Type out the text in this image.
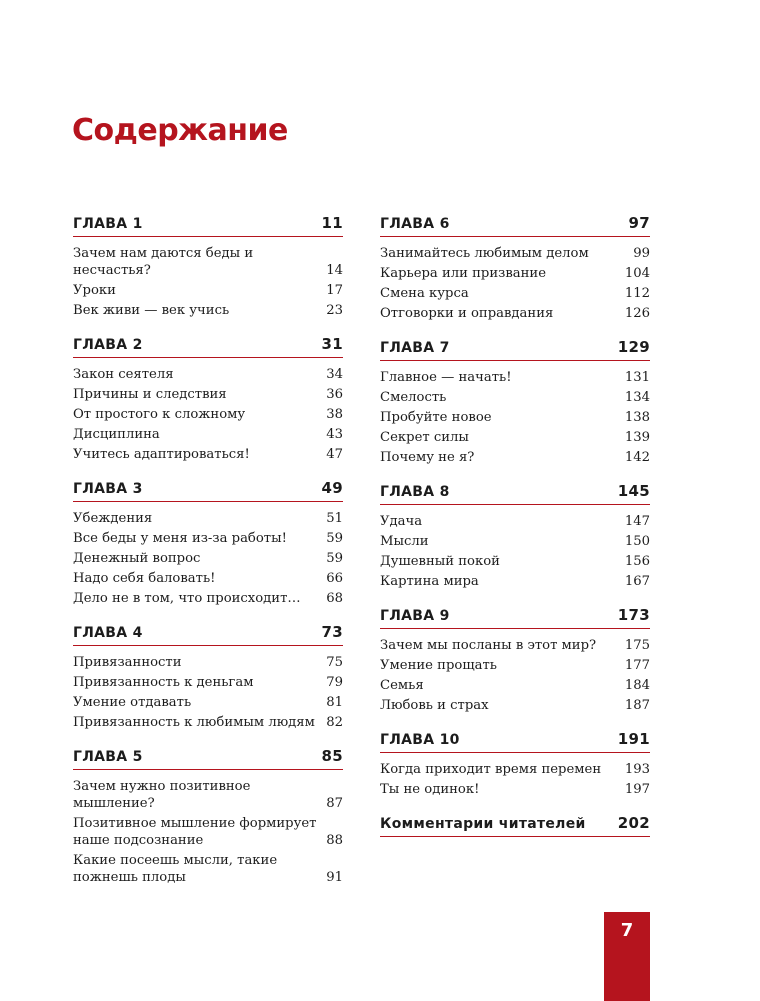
Содержание
ГЛАВА 1	11
Зачем нам даются беды и несчастья?	14
Уроки	17
Век живи — век учись	23
ГЛАВА 2	31
Закон сеятеля	34
Причины и следствия	36
От простого к сложному	38
Дисциплина	43
Учитесь адаптироваться!	47
ГЛАВА 3	49
Убеждения	51
Все беды у меня из-за работы!	59
Денежный вопрос	59
Надо себя баловать!	66
Дело не в том, что происходит…	68
ГЛАВА 4	73
Привязанности	75
Привязанность к деньгам	79
Умение отдавать	81
Привязанность к любимым людям 82
ГЛАВА 5	85
Зачем нужно позитивное мышление?	87
Позитивное мышление формирует наше подсознание	88
Какие посеешь мысли, такие пожнешь плоды	91
ГЛАВА 6	97
Занимайтесь любимым делом	99
Карьера или призвание	104
Смена курса	112
Отговорки и оправдания	126
ГЛАВА 7	129
Главное — начать!	131
Смелость	134
Пробуйте новое	138
Секрет силы	139
Почему не я?	142
ГЛАВА 8	145
Удача	147
Мысли	150
Душевный покой	156
Картина мира	167
ГЛАВА 9	173
Зачем мы посланы в этот мир?	175
Умение прощать	177
Семья	184
Любовь и страх	187
ГЛАВА 10	191
Когда приходит время перемен	193
Ты не одинок!	197
Комментарии читателей 202
7
